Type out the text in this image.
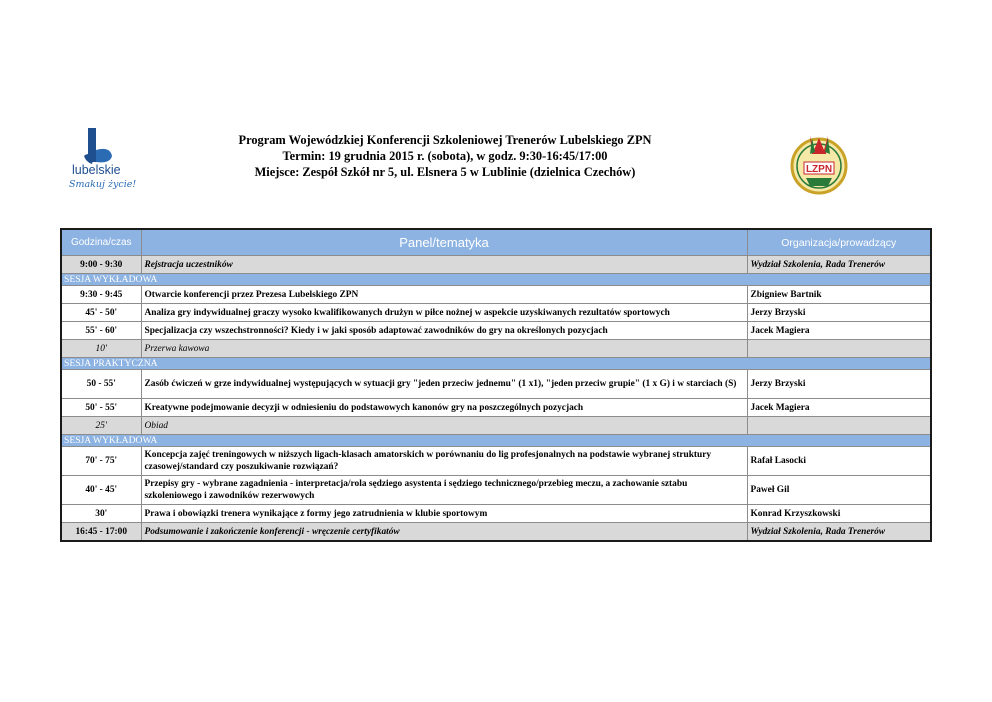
lubelskie
Smakuj życie!
LZPN
Program Wojewódzkiej Konferencji Szkoleniowej Trenerów Lubelskiego ZPN
Termin: 19 grudnia 2015 r. (sobota), w godz. 9:30-16:45/17:00
Miejsce: Zespół Szkół nr 5, ul. Elsnera 5 w Lublinie (dzielnica Czechów)
Godzina/czas	Panel/tematyka	Organizacja/prowadzący
9:00 - 9:30	Rejstracja uczestników	Wydział Szkolenia, Rada Trenerów
SESJA WYKŁADOWA		
9:30 - 9:45	Otwarcie konferencji przez Prezesa Lubelskiego ZPN	Zbigniew Bartnik
45' - 50'	Analiza gry indywidualnej graczy wysoko kwalifikowanych drużyn w piłce nożnej w aspekcie uzyskiwanych rezultatów sportowych	Jerzy Brzyski
55' - 60'	Specjalizacja czy wszechstronności? Kiedy i w jaki sposób adaptować zawodników do gry na określonych pozycjach	Jacek Magiera
10'	Przerwa kawowa	
SESJA PRAKTYCZNA		
50 - 55'	Zasób ćwiczeń w grze indywidualnej występujących w sytuacji gry "jeden przeciw jednemu" (1 x1), "jeden przeciw grupie" (1 x G) i w starciach (S)	Jerzy Brzyski
50' - 55'	Kreatywne podejmowanie decyzji w odniesieniu do podstawowych kanonów gry na poszczególnych pozycjach	Jacek Magiera
25'	Obiad	
SESJA WYKŁADOWA		
70' - 75'	Koncepcja zajęć treningowych w niższych ligach-klasach amatorskich w porównaniu do lig profesjonalnych na podstawie wybranej struktury czasowej/standard czy poszukiwanie rozwiązań?	Rafał Lasocki
40' - 45'	Przepisy gry - wybrane zagadnienia - interpretacja/rola sędziego asystenta i sędziego technicznego/przebieg meczu, a zachowanie sztabu szkoleniowego i zawodników rezerwowych	Paweł Gil
30'	Prawa i obowiązki trenera wynikające z formy jego zatrudnienia w klubie sportowym	Konrad Krzyszkowski
16:45 - 17:00	Podsumowanie i zakończenie konferencji - wręczenie certyfikatów	Wydział Szkolenia, Rada Trenerów
